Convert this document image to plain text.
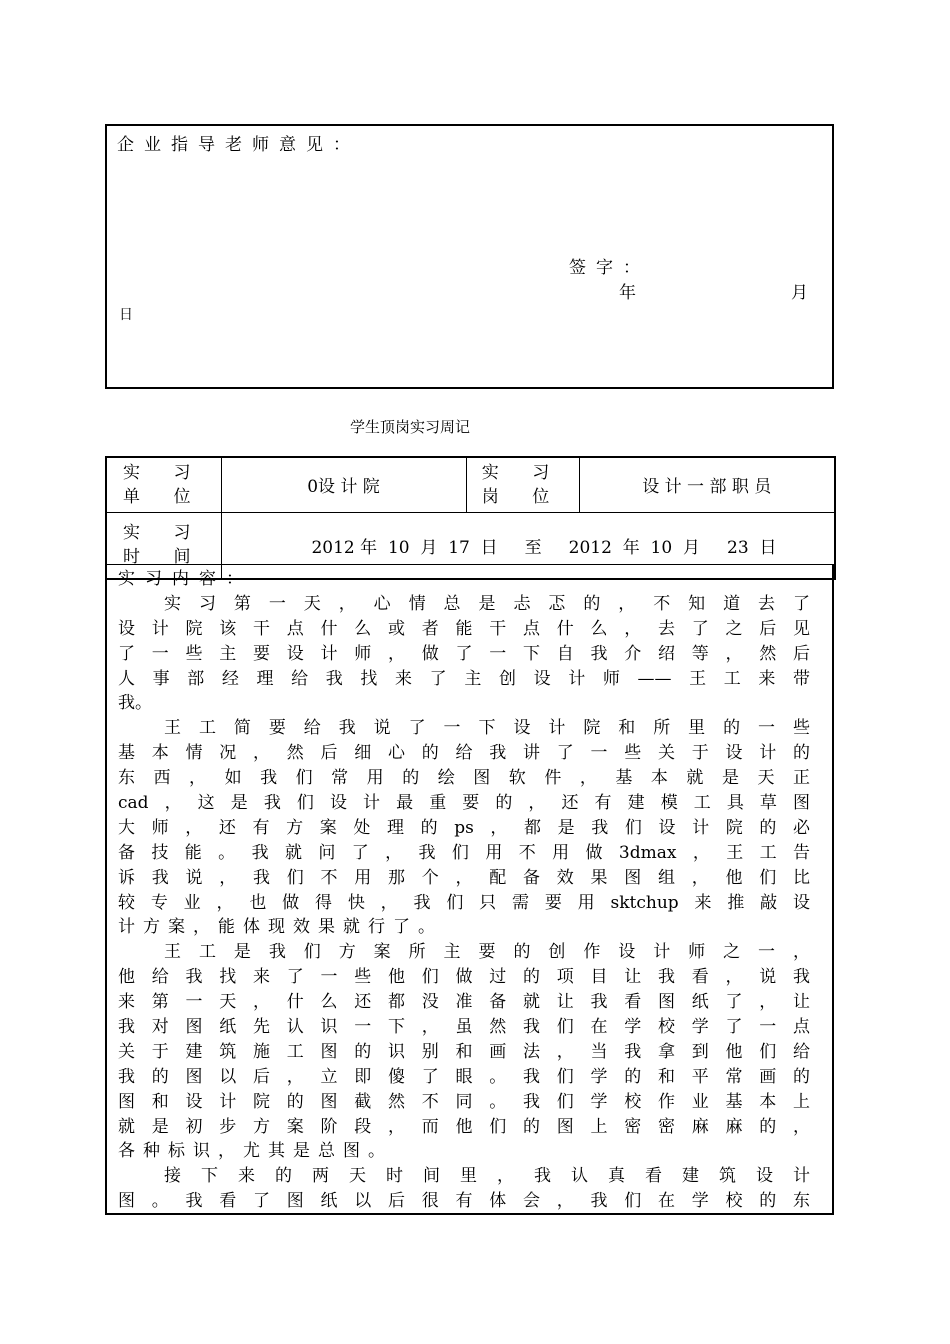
企业指导老师意见：
签字：
年	月
日
学生顶岗实习周记
实 习
单 位	0设 计 院	实 习
岗 位	设 计 一 部 职 员

实 习
时 间	2012 年  10  月  17  日     至     2012  年  10  月     23  日		

实习内容：
实习第一天，心情总是忐忑的，不知道去了
设计院该干点什么或者能干点什么，去了之后见
了一些主要设计师，做了一下自我介绍等，然后
人事部经理给我找来了主创设计师——王工来带
我。
王工简要给我说了一下设计院和所里的一些
基本情况，然后细心的给我讲了一些关于设计的
东西，如我们常用的绘图软件，基本就是天正
cad，这是我们设计最重要的，还有建模工具草图
大师，还有方案处理的ps，都是我们设计院的必
备技能。我就问了，我们用不用做3dmax，王工告
诉我说，我们不用那个，配备效果图组，他们比
较专业，也做得快，我们只需要用sktchup来推敲设
计方案，能体现效果就行了。
王工是我们方案所主要的创作设计师之一，
他给我找来了一些他们做过的项目让我看，说我
来第一天，什么还都没准备就让我看图纸了，让
我对图纸先认识一下，虽然我们在学校学了一点
关于建筑施工图的识别和画法，当我拿到他们给
我的图以后，立即傻了眼。我们学的和平常画的
图和设计院的图截然不同。我们学校作业基本上
就是初步方案阶段，而他们的图上密密麻麻的，
各种标识，尤其是总图。
接下来的两天时间里，我认真看建筑设计
图。我看了图纸以后很有体会，我们在学校的东
